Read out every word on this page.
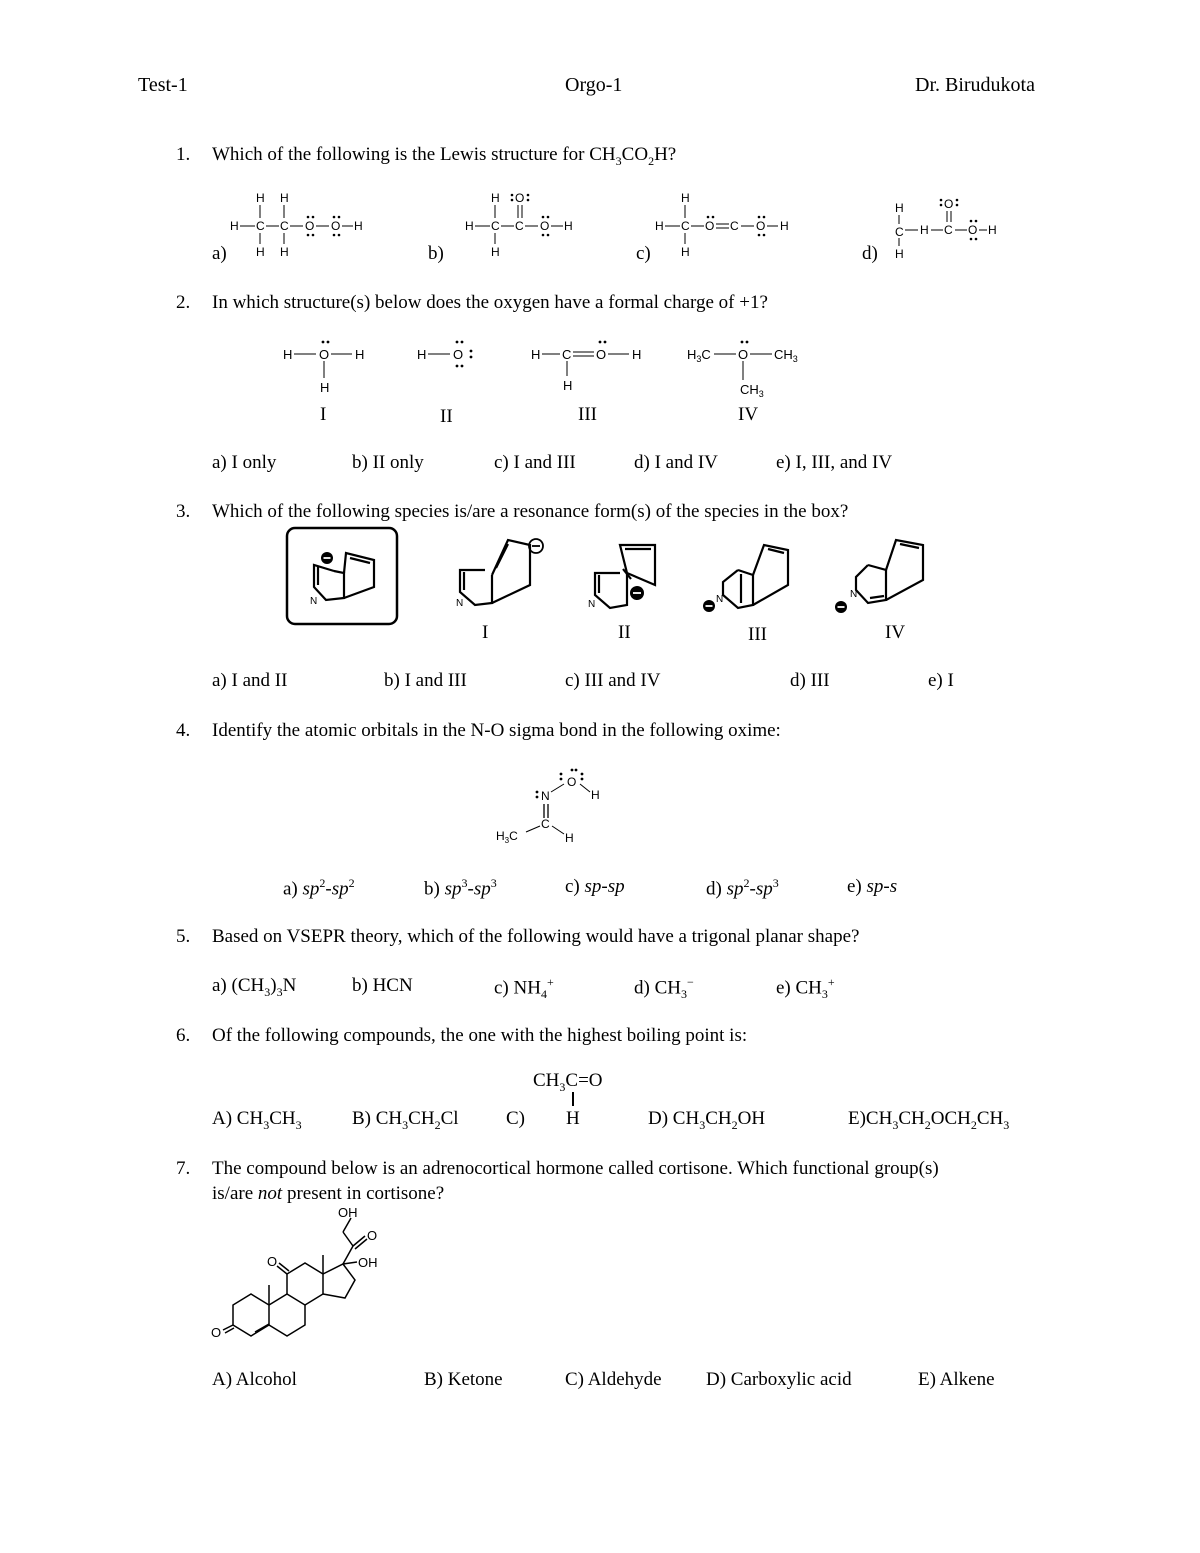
Test-1	Orgo-1	Dr. Birudukota
1. Which of the following is the Lewis structure for $CH_3CO_2H$?
a)	b)	c)	d)
H H
H C C O O H
H H
H O
H C C O H
H
H
H C O C O H
H
H
C H C O H
O
H
2. In which structure(s) below does the oxygen have a formal charge of +1?
H O H
H
I
H O
II
H C O H
H
III
$H_3C$ O $CH_3$
$CH_3$
IV
a) I only	b) II only	c) I and III	d) I and IV	e) I, III, and IV
3. Which of the following species is/are a resonance form(s) of the species in the box?
N	N
I
N
II
N
III
N
IV
a) I and II	b) I and III	c) III and IV	d) III	e) I
4. Identify the atomic orbitals in the N-O sigma bond in the following oxime:
O
H
N
C
H
$H_3C$
a) $sp^2-sp^2$	b) $sp^3-sp^3$	c) sp-sp	d) $sp^2-sp^3$	e) sp-s
5. Based on VSEPR theory, which of the following would have a trigonal planar shape?
a) $(CH_3)_3N$	b) HCN	c) $NH_4^+$	d) $CH_3^-$	e) $CH_3^+$
6. Of the following compounds, the one with the highest boiling point is:
$CH_3C=O$
A) $CH_3CH_3$	B) $CH_3CH_2Cl$ C) H	D) $CH_3CH_2OH$	$E)CH_3CH_2OCH_2CH_3$
7. The compound below is an adrenocortical hormone called cortisone. Which functional group(s)
is/are not present in cortisone?
O
O
O
OH
OH
A) Alcohol	B) Ketone	C) Aldehyde D) Carboxylic acid	E) Alkene
